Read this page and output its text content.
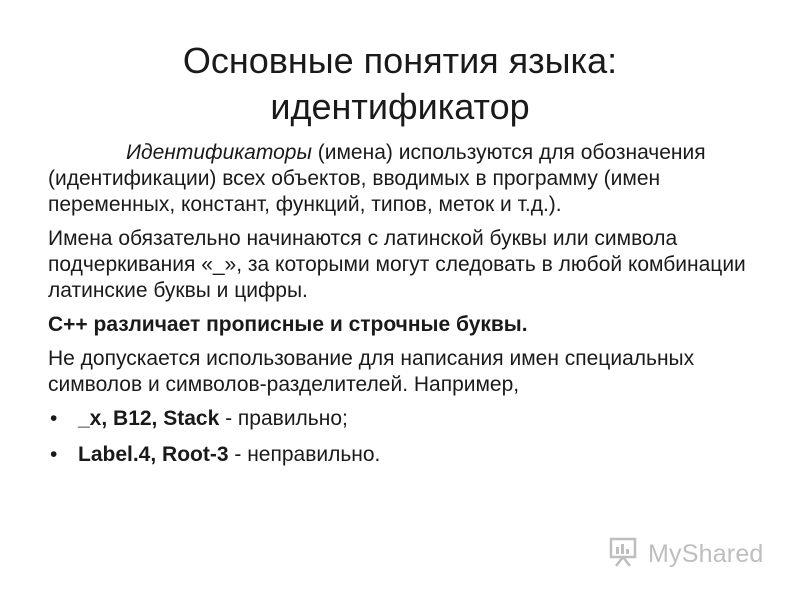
Основные понятия языка:
идентификатор

Идентификаторы (имена) используются для обозначения (идентификации) всех объектов, вводимых в программу (имен переменных, констант, функций, типов, меток и т.д.).

Имена обязательно начинаются с латинской буквы или символа подчеркивания «_», за которыми могут следовать в любой комбинации латинские буквы и цифры.

C++ различает прописные и строчные буквы.

Не допускается использование для написания имен специальных символов и символов-разделителей. Например,

• _x, B12, Stack - правильно;
• Label.4, Root-3 - неправильно.
MyShared
